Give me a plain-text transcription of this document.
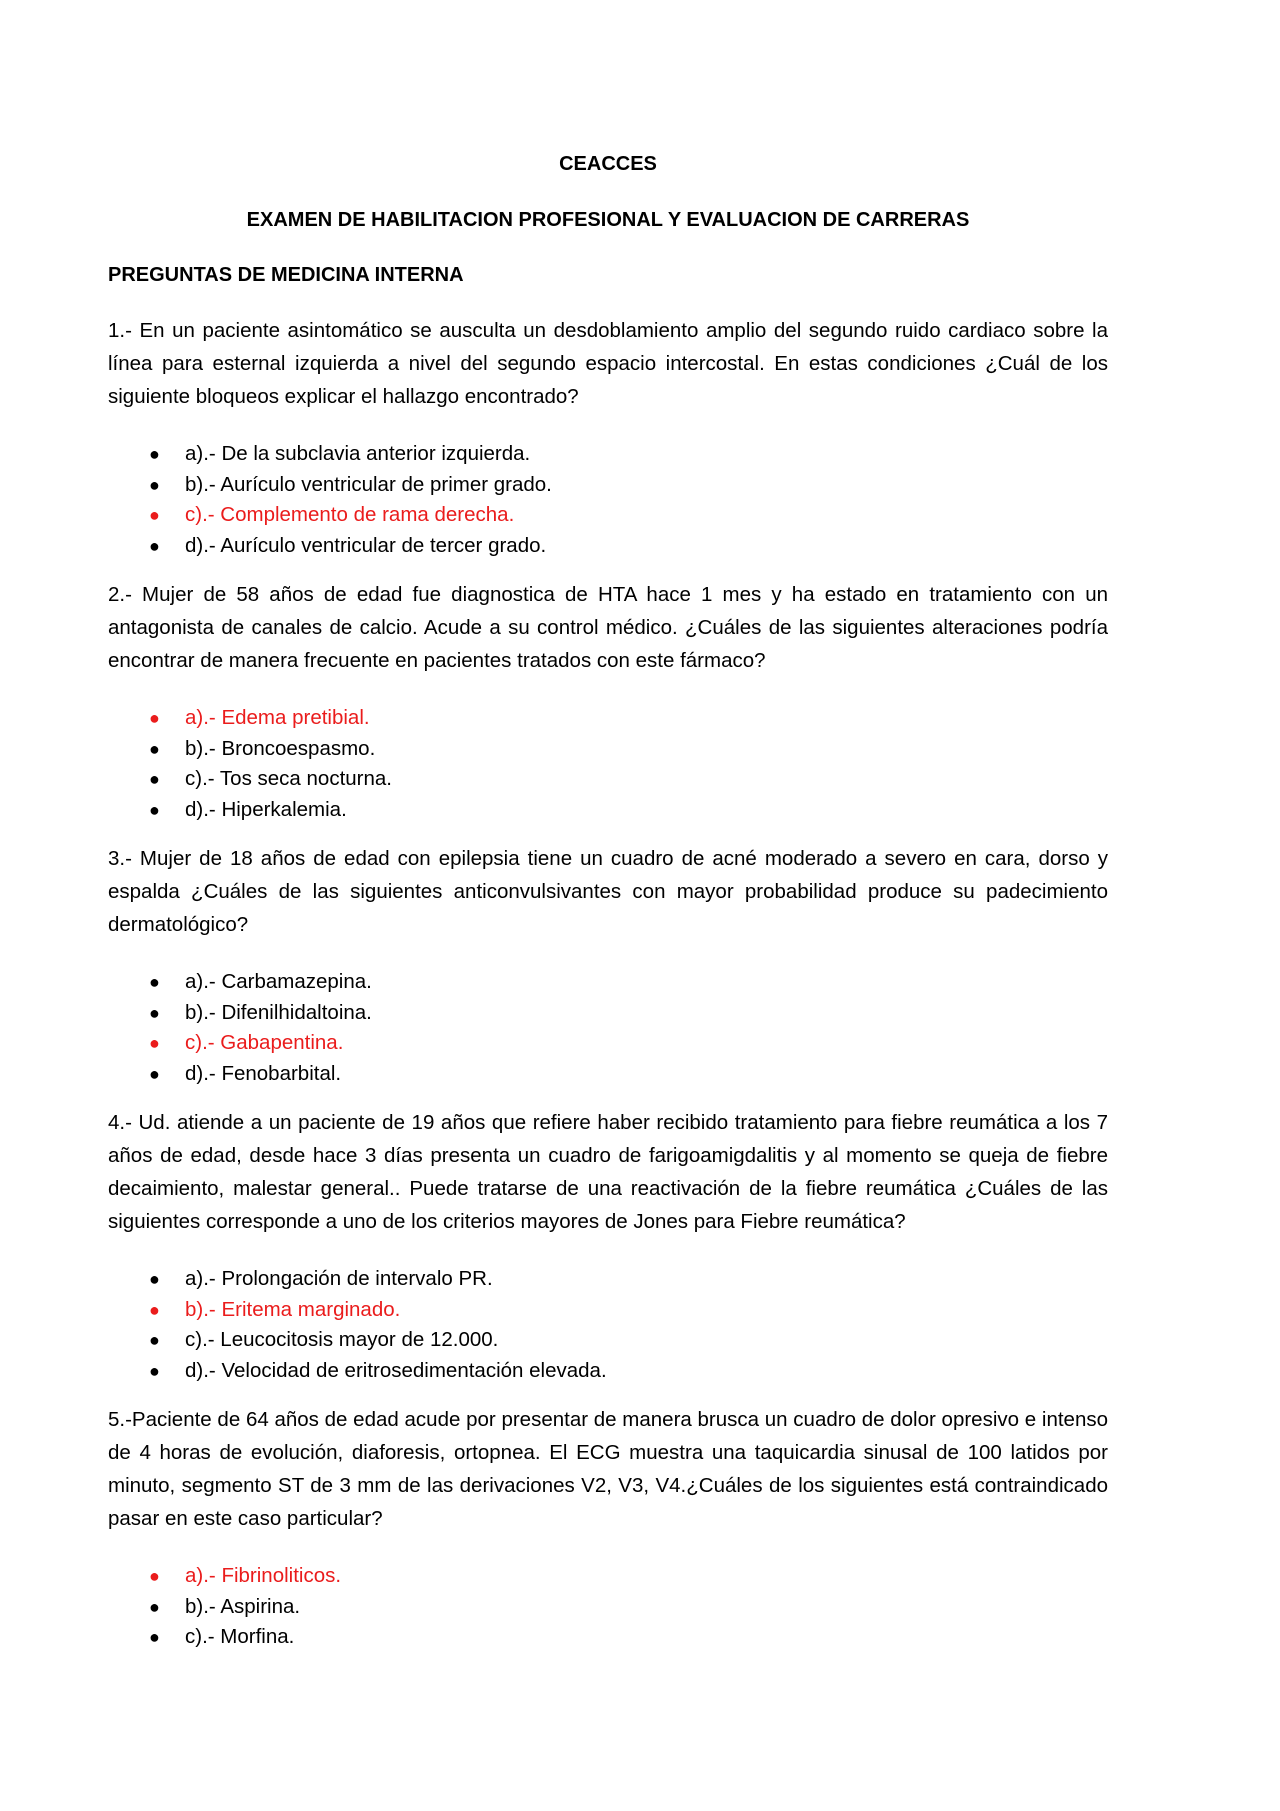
CEACCES
EXAMEN DE HABILITACION PROFESIONAL Y EVALUACION DE CARRERAS
PREGUNTAS DE MEDICINA INTERNA

1.- En un paciente asintomático se ausculta un desdoblamiento amplio del segundo ruido cardiaco sobre la línea para esternal izquierda a nivel del segundo espacio intercostal. En estas condiciones ¿Cuál de los siguiente bloqueos explicar el hallazgo encontrado?

● a).- De la subclavia anterior izquierda.
● b).- Aurículo ventricular de primer grado.
● c).- Complemento de rama derecha.
● d).- Aurículo ventricular de tercer grado.

2.- Mujer de 58 años de edad fue diagnostica de HTA hace 1 mes y ha estado en tratamiento con un antagonista de canales de calcio. Acude a su control médico. ¿Cuáles de las siguientes alteraciones podría encontrar de manera frecuente en pacientes tratados con este fármaco?

● a).- Edema pretibial.
● b).- Broncoespasmo.
● c).- Tos seca nocturna.
● d).- Hiperkalemia.

3.- Mujer de 18 años de edad con epilepsia tiene un cuadro de acné moderado a severo en cara, dorso y espalda ¿Cuáles de las siguientes anticonvulsivantes con mayor probabilidad produce su padecimiento dermatológico?

● a).- Carbamazepina.
● b).- Difenilhidaltoina.
● c).- Gabapentina.
● d).- Fenobarbital.

4.- Ud. atiende a un paciente de 19 años que refiere haber recibido tratamiento para fiebre reumática a los 7 años de edad, desde hace 3 días presenta un cuadro de farigoamigdalitis y al momento se queja de fiebre decaimiento, malestar general.. Puede tratarse de una reactivación de la fiebre reumática ¿Cuáles de las siguientes corresponde a uno de los criterios mayores de Jones para Fiebre reumática?

● a).- Prolongación de intervalo PR.
● b).- Eritema marginado.
● c).- Leucocitosis mayor de 12.000.
● d).- Velocidad de eritrosedimentación elevada.

5.-Paciente de 64 años de edad acude por presentar de manera brusca un cuadro de dolor opresivo e intenso de 4 horas de evolución, diaforesis, ortopnea. El ECG muestra una taquicardia sinusal de 100 latidos por minuto, segmento ST de 3 mm de las derivaciones V2, V3, V4.¿Cuáles de los siguientes está contraindicado pasar en este caso particular?

● a).- Fibrinoliticos.
● b).- Aspirina.
● c).- Morfina.
